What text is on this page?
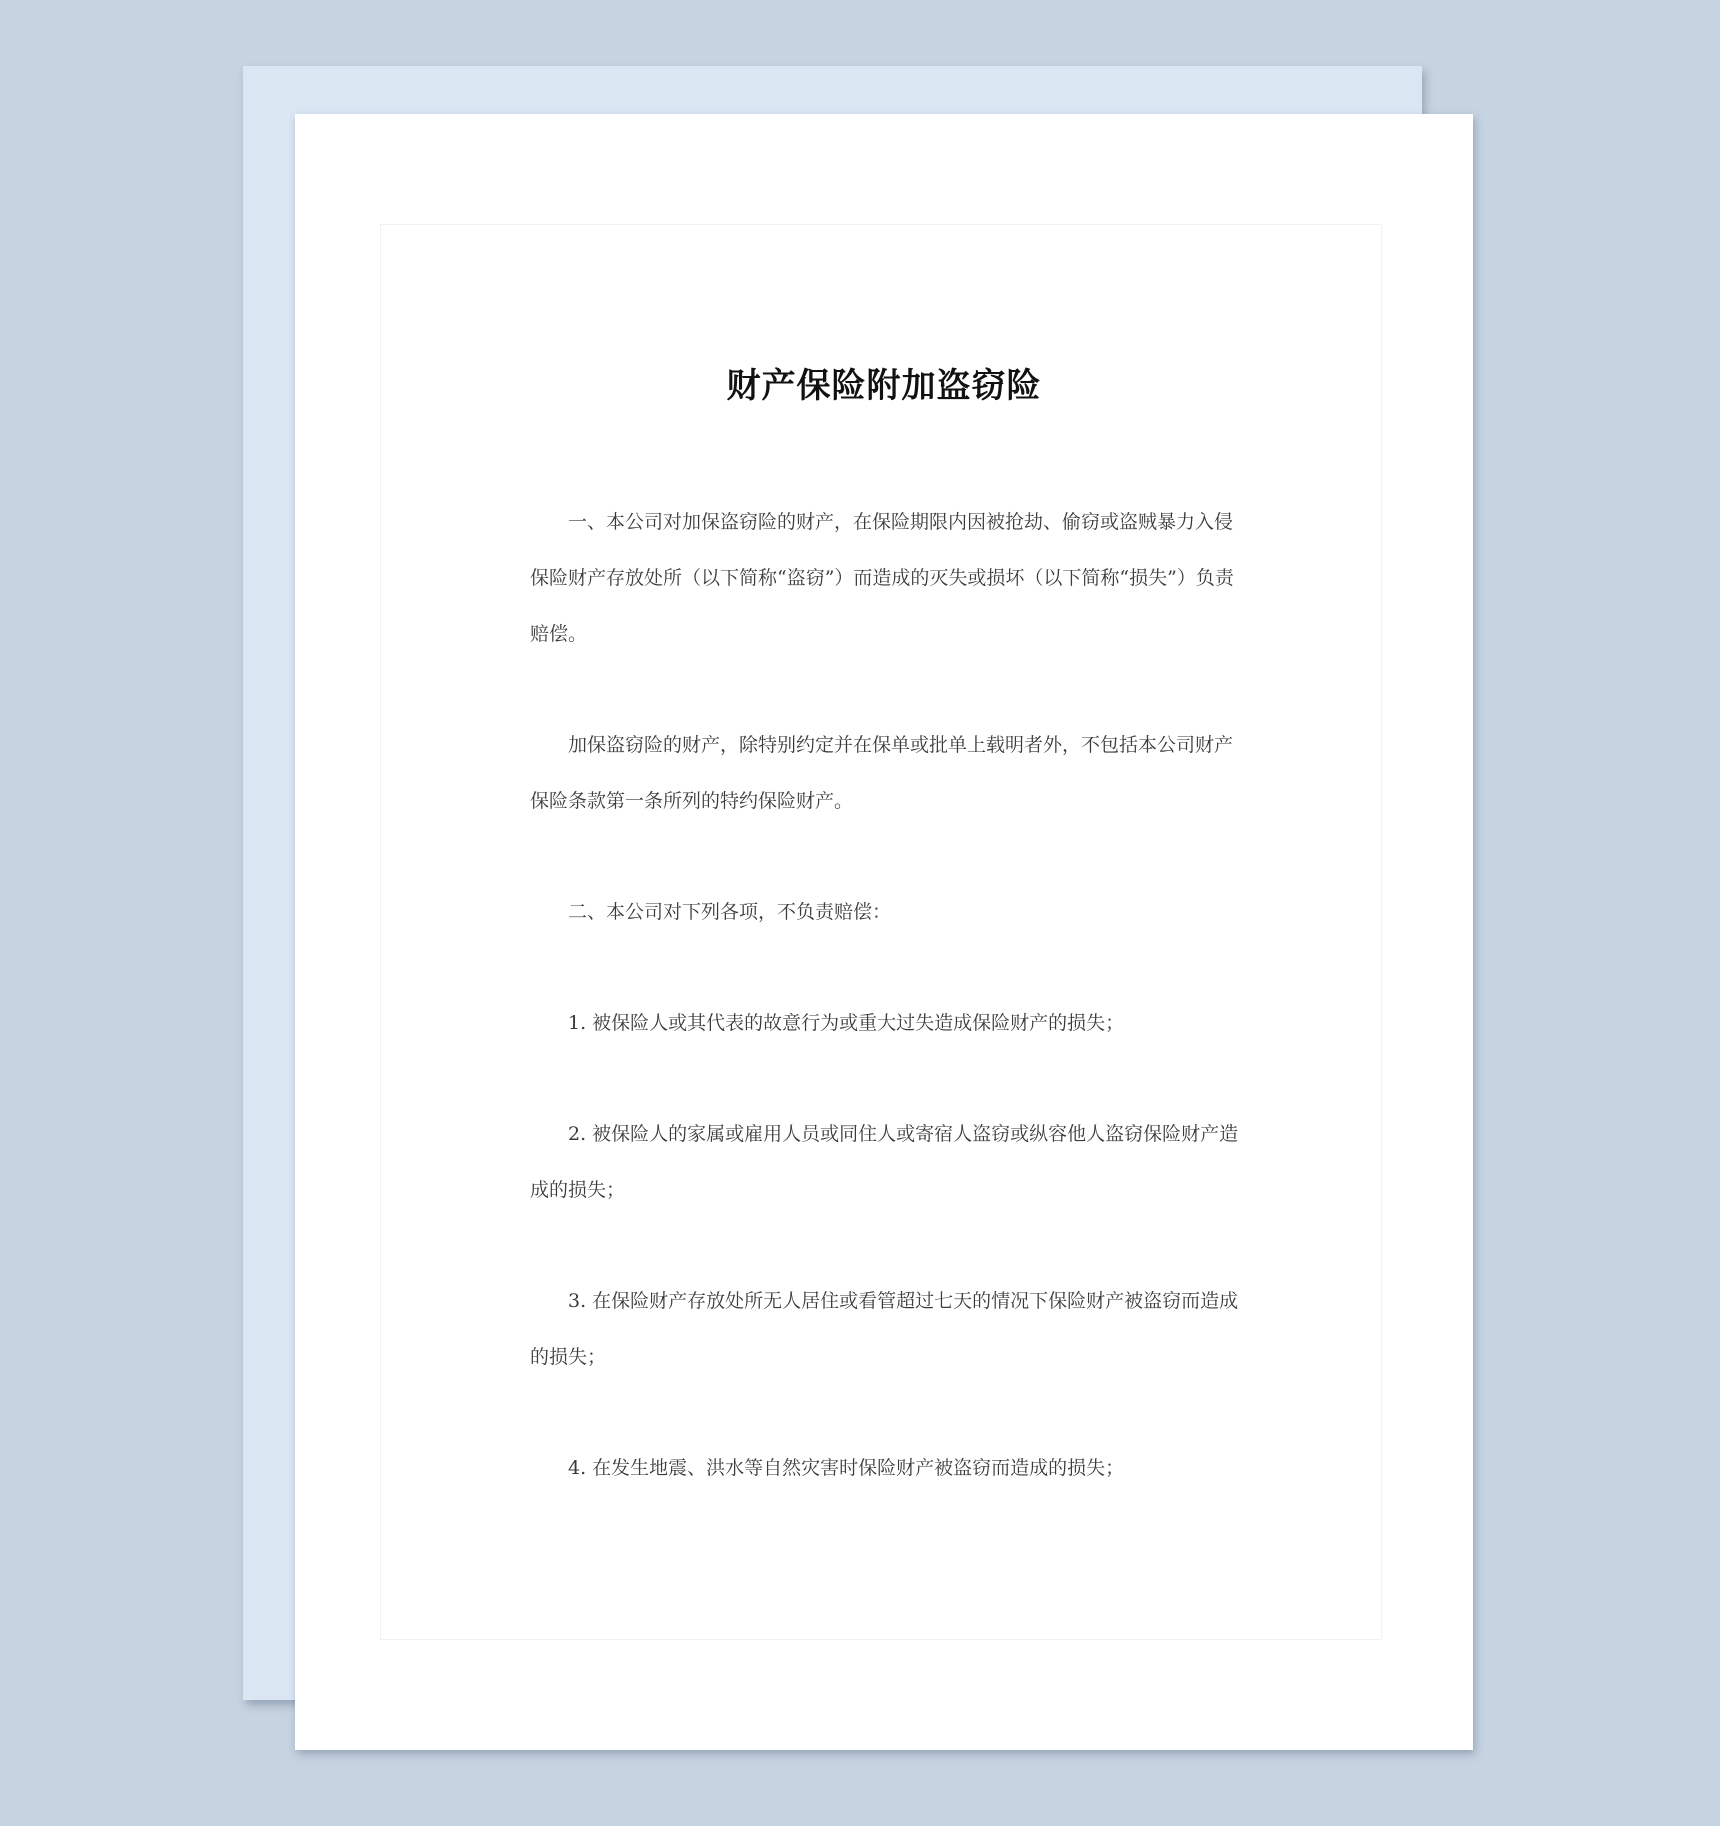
财产保险附加盗窃险

一、本公司对加保盗窃险的财产，在保险期限内因被抢劫、偷窃或盗贼暴力入侵保险财产存放处所（以下简称“盗窃”）而造成的灭失或损坏（以下简称“损失”）负责赔偿。

加保盗窃险的财产，除特别约定并在保单或批单上载明者外，不包括本公司财产保险条款第一条所列的特约保险财产。

二、本公司对下列各项，不负责赔偿：

1. 被保险人或其代表的故意行为或重大过失造成保险财产的损失；

2. 被保险人的家属或雇用人员或同住人或寄宿人盗窃或纵容他人盗窃保险财产造成的损失；

3. 在保险财产存放处所无人居住或看管超过七天的情况下保险财产被盗窃而造成的损失；

4. 在发生地震、洪水等自然灾害时保险财产被盗窃而造成的损失；
